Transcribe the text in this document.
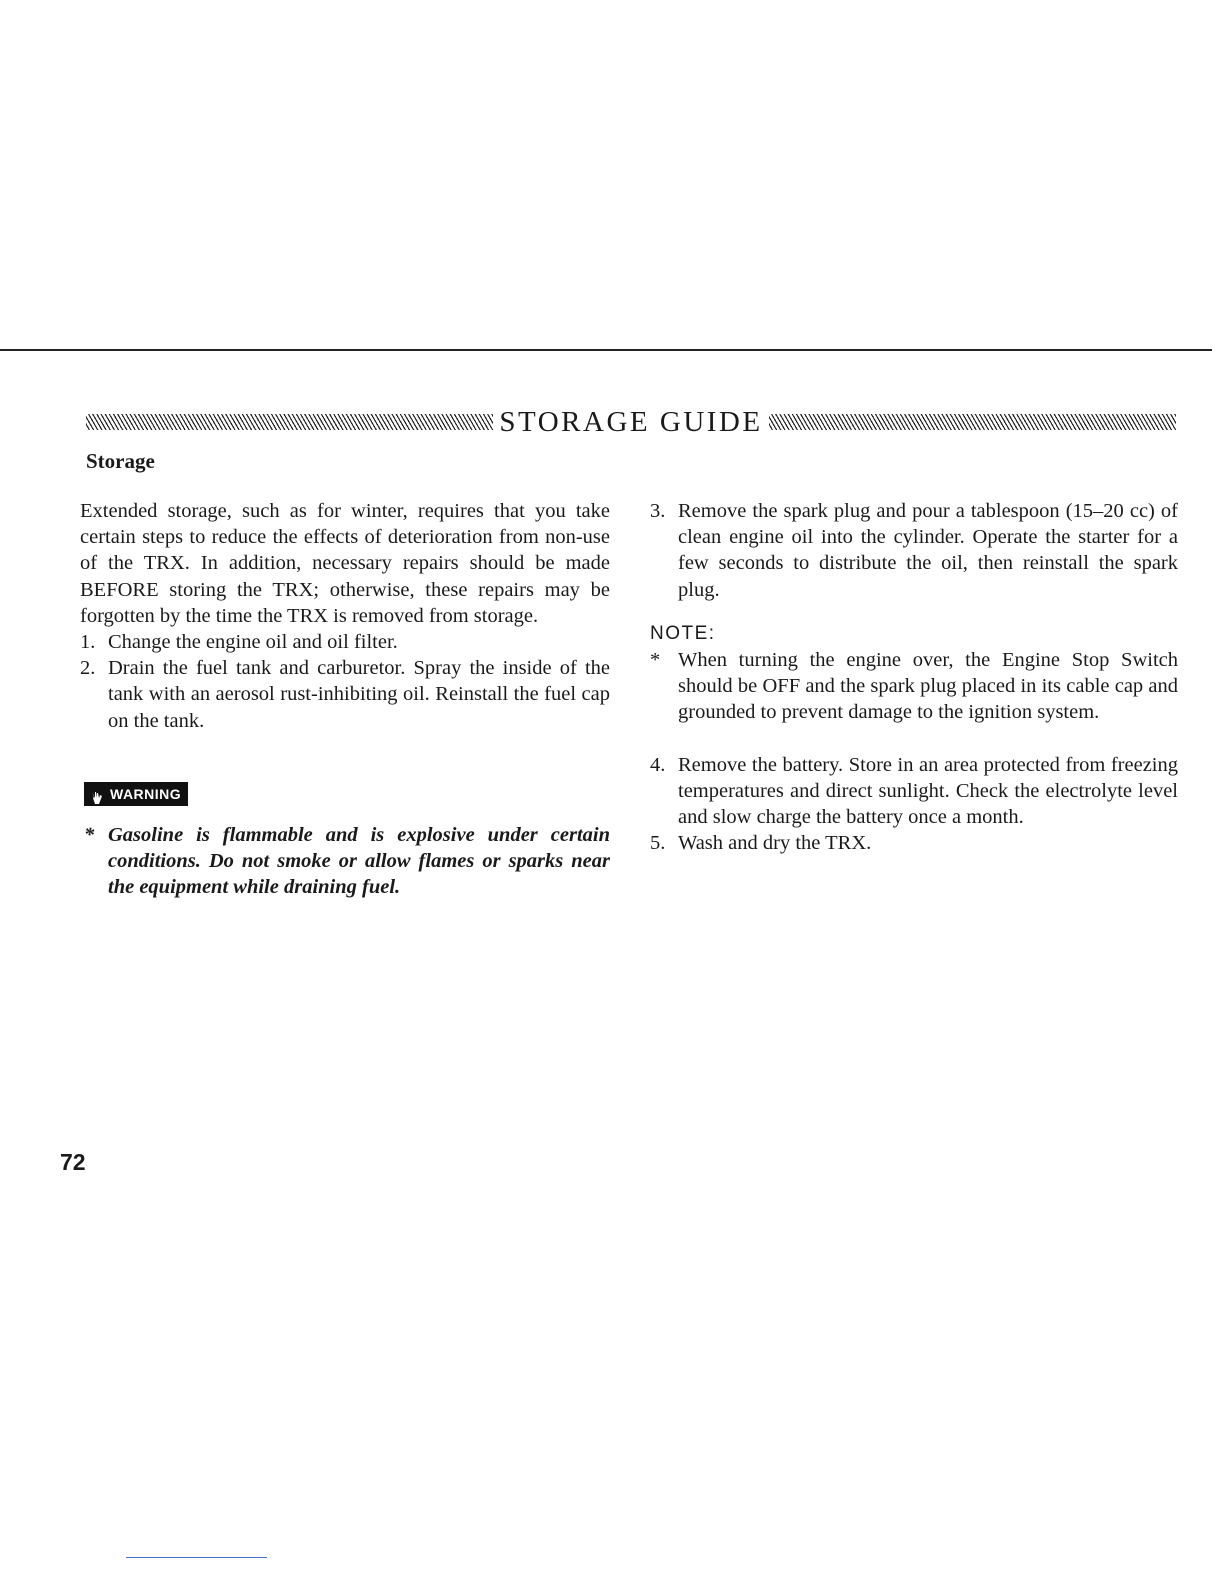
STORAGE GUIDE
Storage

Extended storage, such as for winter, requires that you take certain steps to reduce the effects of deterioration from non-use of the TRX. In addition, necessary repairs should be made BEFORE storing the TRX; otherwise, these repairs may be forgotten by the time the TRX is removed from storage.

1. Change the engine oil and oil filter.
2. Drain the fuel tank and carburetor. Spray the inside of the tank with an aerosol rust-inhibiting oil. Reinstall the fuel cap on the tank.
WARNING
* Gasoline is flammable and is explosive under certain conditions. Do not smoke or allow flames or sparks near the equipment while draining fuel.
3. Remove the spark plug and pour a tablespoon (15–20 cc) of clean engine oil into the cylinder. Operate the starter for a few seconds to distribute the oil, then reinstall the spark plug.
NOTE:
* When turning the engine over, the Engine Stop Switch should be OFF and the spark plug placed in its cable cap and grounded to prevent damage to the ignition system.
4. Remove the battery. Store in an area protected from freezing temperatures and direct sunlight. Check the electrolyte level and slow charge the battery once a month.
5. Wash and dry the TRX.
72
